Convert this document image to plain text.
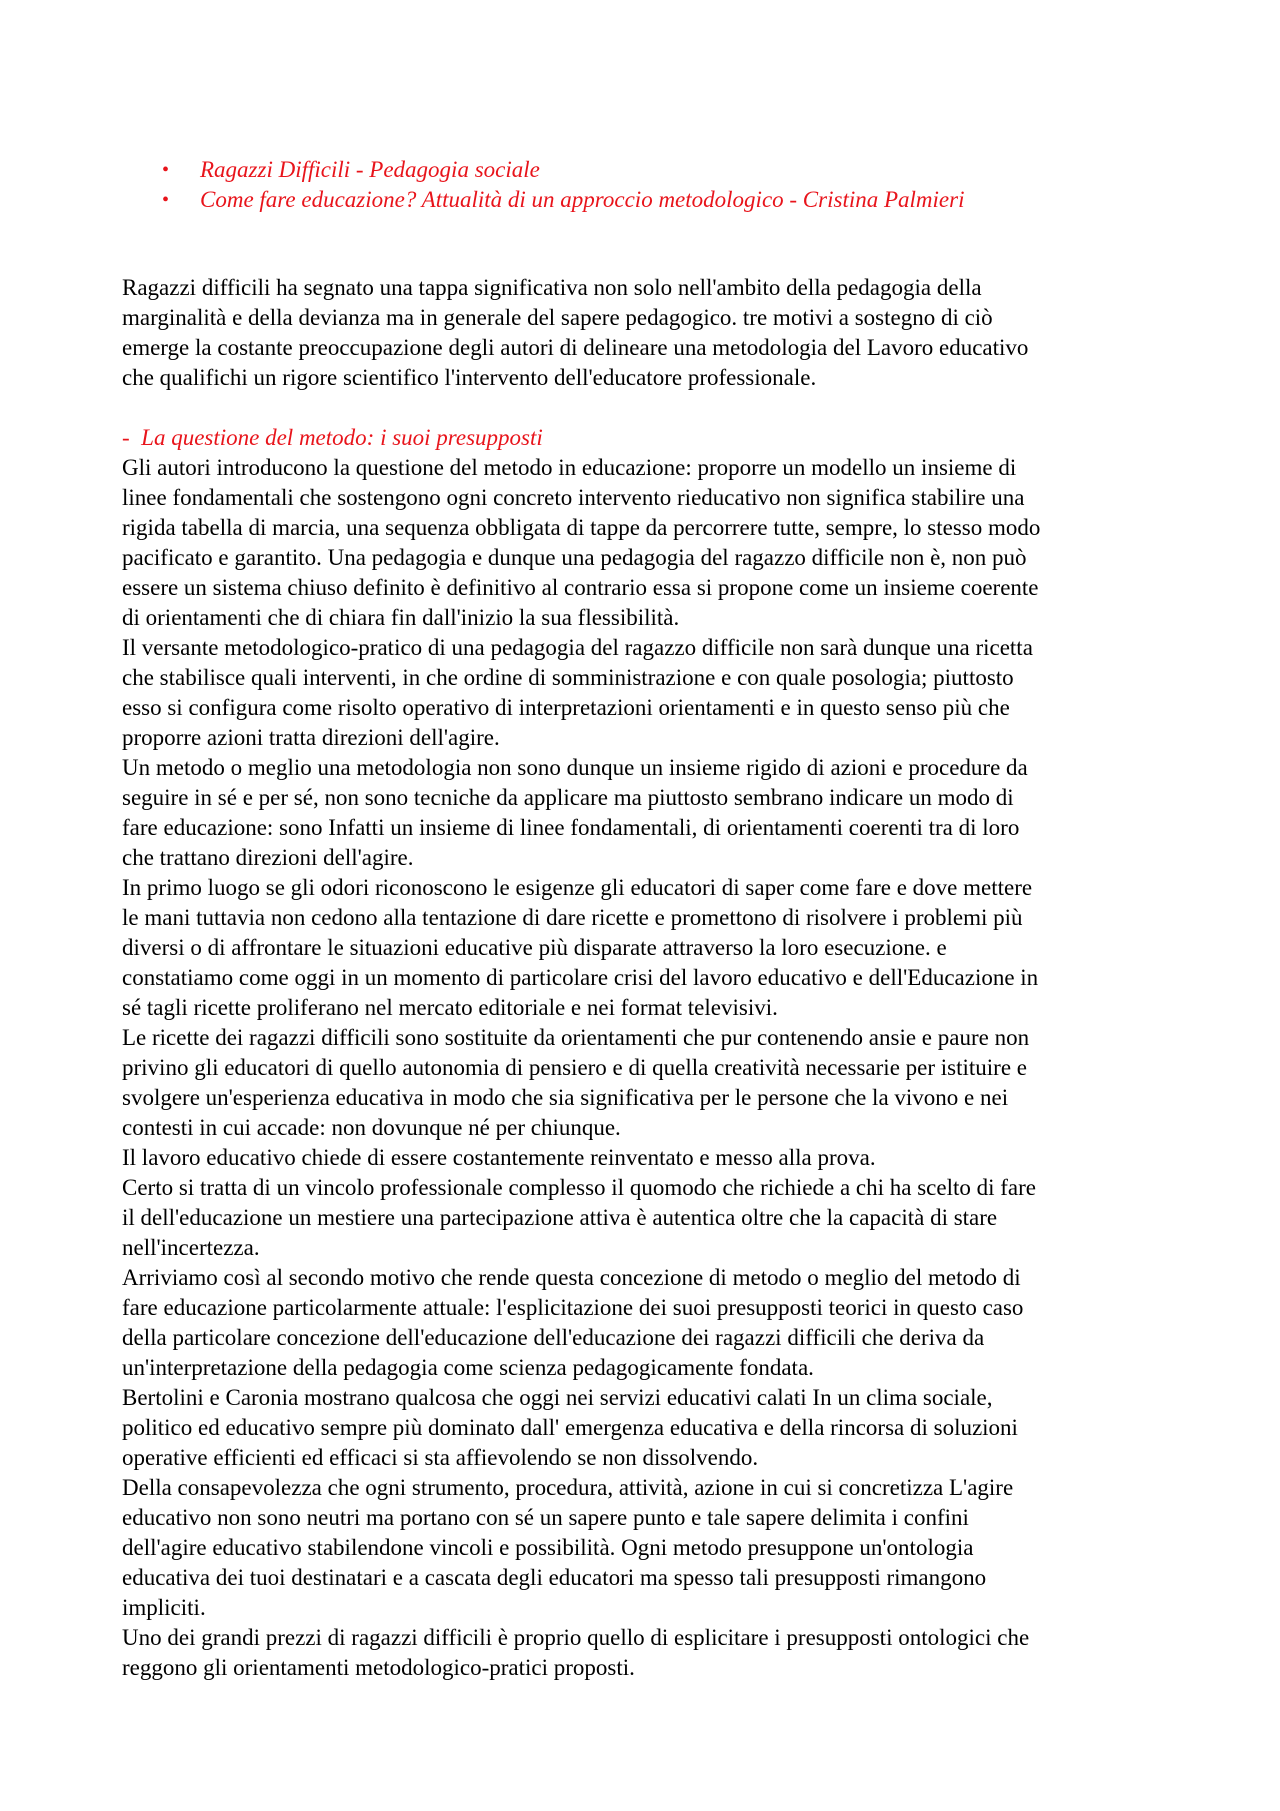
• Ragazzi Difficili - Pedagogia sociale
• Come fare educazione? Attualità di un approccio metodologico - Cristina Palmieri

Ragazzi difficili ha segnato una tappa significativa non solo nell'ambito della pedagogia della
marginalità e della devianza ma in generale del sapere pedagogico. tre motivi a sostegno di ciò
emerge la costante preoccupazione degli autori di delineare una metodologia del Lavoro educativo
che qualifichi un rigore scientifico l'intervento dell'educatore professionale.

-  La questione del metodo: i suoi presupposti

Gli autori introducono la questione del metodo in educazione: proporre un modello un insieme di
linee fondamentali che sostengono ogni concreto intervento rieducativo non significa stabilire una
rigida tabella di marcia, una sequenza obbligata di tappe da percorrere tutte, sempre, lo stesso modo
pacificato e garantito. Una pedagogia e dunque una pedagogia del ragazzo difficile non è, non può
essere un sistema chiuso definito è definitivo al contrario essa si propone come un insieme coerente
di orientamenti che di chiara fin dall'inizio la sua flessibilità.

Il versante metodologico-pratico di una pedagogia del ragazzo difficile non sarà dunque una ricetta
che stabilisce quali interventi, in che ordine di somministrazione e con quale posologia; piuttosto
esso si configura come risolto operativo di interpretazioni orientamenti e in questo senso più che
proporre azioni tratta direzioni dell'agire.

Un metodo o meglio una metodologia non sono dunque un insieme rigido di azioni e procedure da
seguire in sé e per sé, non sono tecniche da applicare ma piuttosto sembrano indicare un modo di
fare educazione: sono Infatti un insieme di linee fondamentali, di orientamenti coerenti tra di loro
che trattano direzioni dell'agire.

In primo luogo se gli odori riconoscono le esigenze gli educatori di saper come fare e dove mettere
le mani tuttavia non cedono alla tentazione di dare ricette e promettono di risolvere i problemi più
diversi o di affrontare le situazioni educative più disparate attraverso la loro esecuzione. e
constatiamo come oggi in un momento di particolare crisi del lavoro educativo e dell'Educazione in
sé tagli ricette proliferano nel mercato editoriale e nei format televisivi.

Le ricette dei ragazzi difficili sono sostituite da orientamenti che pur contenendo ansie e paure non
privino gli educatori di quello autonomia di pensiero e di quella creatività necessarie per istituire e
svolgere un'esperienza educativa in modo che sia significativa per le persone che la vivono e nei
contesti in cui accade: non dovunque né per chiunque.

Il lavoro educativo chiede di essere costantemente reinventato e messo alla prova.

Certo si tratta di un vincolo professionale complesso il quomodo che richiede a chi ha scelto di fare
il dell'educazione un mestiere una partecipazione attiva è autentica oltre che la capacità di stare
nell'incertezza.

Arriviamo così al secondo motivo che rende questa concezione di metodo o meglio del metodo di
fare educazione particolarmente attuale: l'esplicitazione dei suoi presupposti teorici in questo caso
della particolare concezione dell'educazione dell'educazione dei ragazzi difficili che deriva da
un'interpretazione della pedagogia come scienza pedagogicamente fondata.

Bertolini e Caronia mostrano qualcosa che oggi nei servizi educativi calati In un clima sociale,
politico ed educativo sempre più dominato dall' emergenza educativa e della rincorsa di soluzioni
operative efficienti ed efficaci si sta affievolendo se non dissolvendo.

Della consapevolezza che ogni strumento, procedura, attività, azione in cui si concretizza L'agire
educativo non sono neutri ma portano con sé un sapere punto e tale sapere delimita i confini
dell'agire educativo stabilendone vincoli e possibilità. Ogni metodo presuppone un'ontologia
educativa dei tuoi destinatari e a cascata degli educatori ma spesso tali presupposti rimangono
impliciti.

Uno dei grandi prezzi di ragazzi difficili è proprio quello di esplicitare i presupposti ontologici che
reggono gli orientamenti metodologico-pratici proposti.
